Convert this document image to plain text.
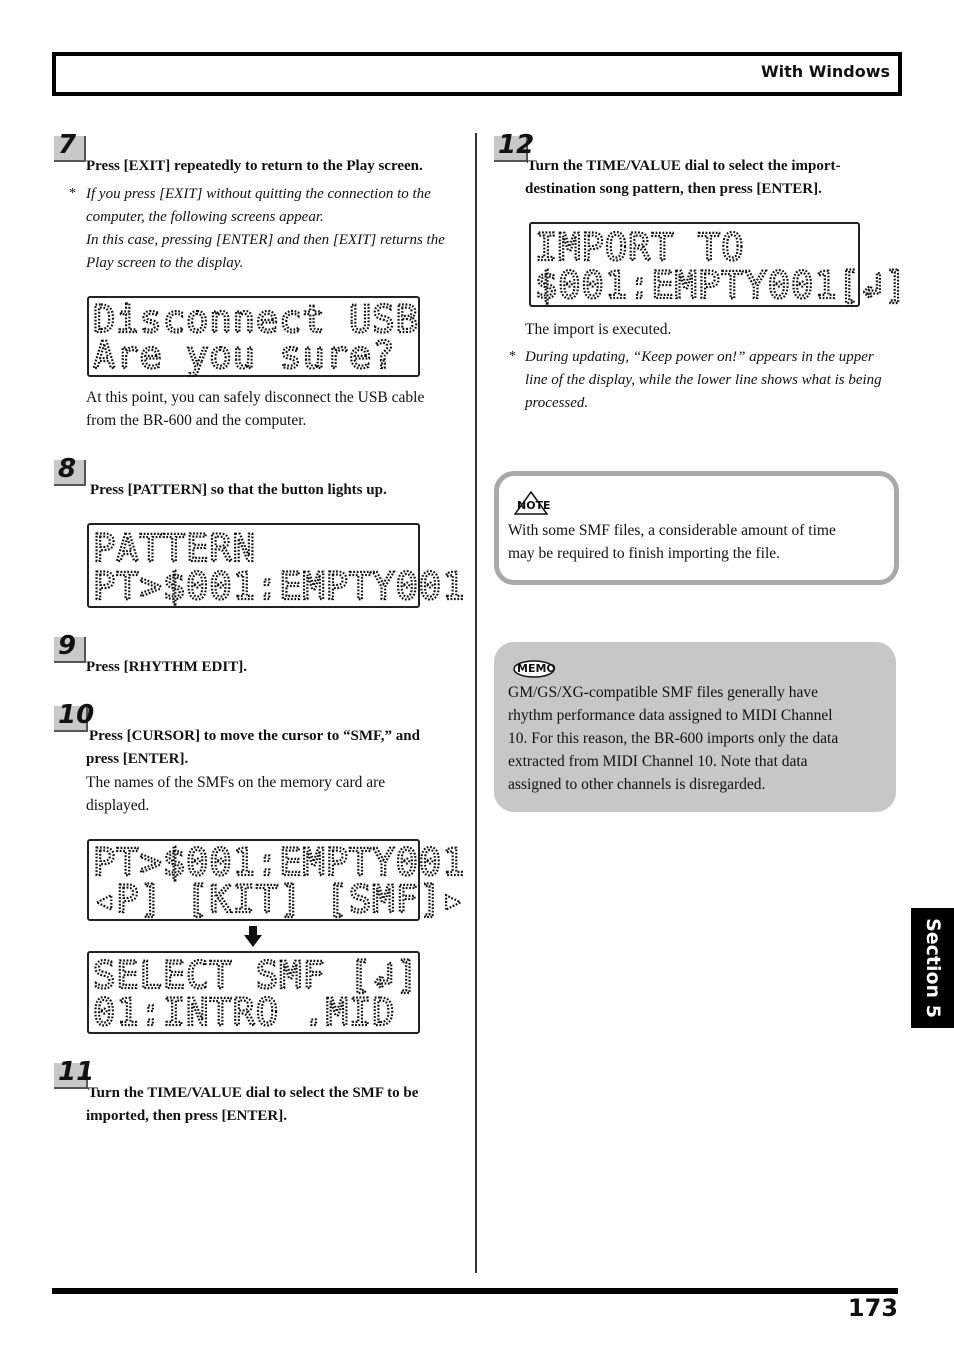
With Windows
7
Press [EXIT] repeatedly to return to the Play screen.
* If you press [EXIT] without quitting the connection to the
computer, the following screens appear.
In this case, pressing [ENTER] and then [EXIT] returns the
Play screen to the display.
Disconnect USB
Are you sure?
At this point, you can safely disconnect the USB cable
from the BR-600 and the computer.
8
Press [PATTERN] so that the button lights up.
PATTERN
PT>$001:EMPTY001
9
Press [RHYTHM EDIT].
10
Press [CURSOR] to move the cursor to “SMF,” and
press [ENTER].
The names of the SMFs on the memory card are
displayed.
PT>$001:EMPTY001
◂P] [KIT] [SMF]▸
SELECT SMF [↲]
01:INTRO .MID
11
Turn the TIME/VALUE dial to select the SMF to be
imported, then press [ENTER].
12
Turn the TIME/VALUE dial to select the import-
destination song pattern, then press [ENTER].
IMPORT TO
$001:EMPTY001[↲]
The import is executed.
* During updating, “Keep power on!” appears in the upper
line of the display, while the lower line shows what is being
processed.
NOTE
With some SMF files, a considerable amount of time
may be required to finish importing the file.
MEMO
GM/GS/XG-compatible SMF files generally have
rhythm performance data assigned to MIDI Channel
10. For this reason, the BR-600 imports only the data
extracted from MIDI Channel 10. Note that data
assigned to other channels is disregarded.
Section 5
173
